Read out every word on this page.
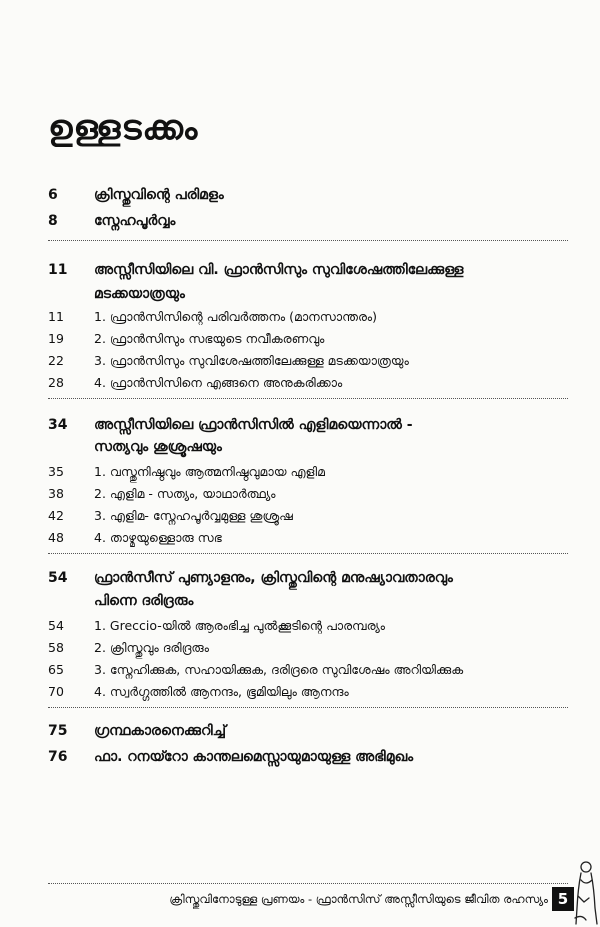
ഉള്ളടക്കം
6	ക്രിസ്തുവിന്റെ പരിമളം
8	സ്നേഹപൂർവ്വം
11 അസ്സീസിയിലെ വി. ഫ്രാൻസിസും സുവിശേഷത്തിലേക്കുള്ള
മടക്കയാത്രയും
11 1. ഫ്രാൻസിസിന്റെ പരിവർത്തനം (മാനസാന്തരം)
19 2. ഫ്രാൻസിസും സഭയുടെ നവീകരണവും
22 3. ഫ്രാൻസിസും സുവിശേഷത്തിലേക്കുള്ള മടക്കയാത്രയും
28 4. ഫ്രാൻസിസിനെ എങ്ങനെ അനുകരിക്കാം
34 അസ്സീസിയിലെ ഫ്രാൻസിസിൽ എളിമയെന്നാൽ -
സത്യവും ശുശ്രൂഷയും
35 1. വസ്തുനിഷ്ഠവും ആത്മനിഷ്ഠവുമായ എളിമ
38 2. എളിമ - സത്യം, യാഥാർത്ഥ്യം
42 3. എളിമ- സ്നേഹപൂർവ്വമുള്ള ശുശ്രൂഷ
48 4. താഴ്മയുള്ളൊരു സഭ
54 ഫ്രാൻസീസ് പുണ്യാളനും, ക്രിസ്തുവിന്റെ മനുഷ്യാവതാരവും
പിന്നെ ദരിദ്രരും
54 1. Greccio-യിൽ ആരംഭിച്ച പുൽക്കൂടിന്റെ പാരമ്പര്യം
58 2. ക്രിസ്തുവും ദരിദ്രരും
65 3. സ്നേഹിക്കുക, സഹായിക്കുക, ദരിദ്രരെ സുവിശേഷം അറിയിക്കുക
70 4. സ്വർഗ്ഗത്തിൽ ആനന്ദം, ഭൂമിയിലും ആനന്ദം
75 ഗ്രന്ഥകാരനെക്കുറിച്ച്
76 ഫാ. റനയ്റോ കാന്തലമെസ്സായുമായുള്ള അഭിമുഖം
ക്രിസ്തുവിനോടുള്ള പ്രണയം - ഫ്രാൻസിസ് അസ്സീസിയുടെ ജീവിത രഹസ്യം 5
